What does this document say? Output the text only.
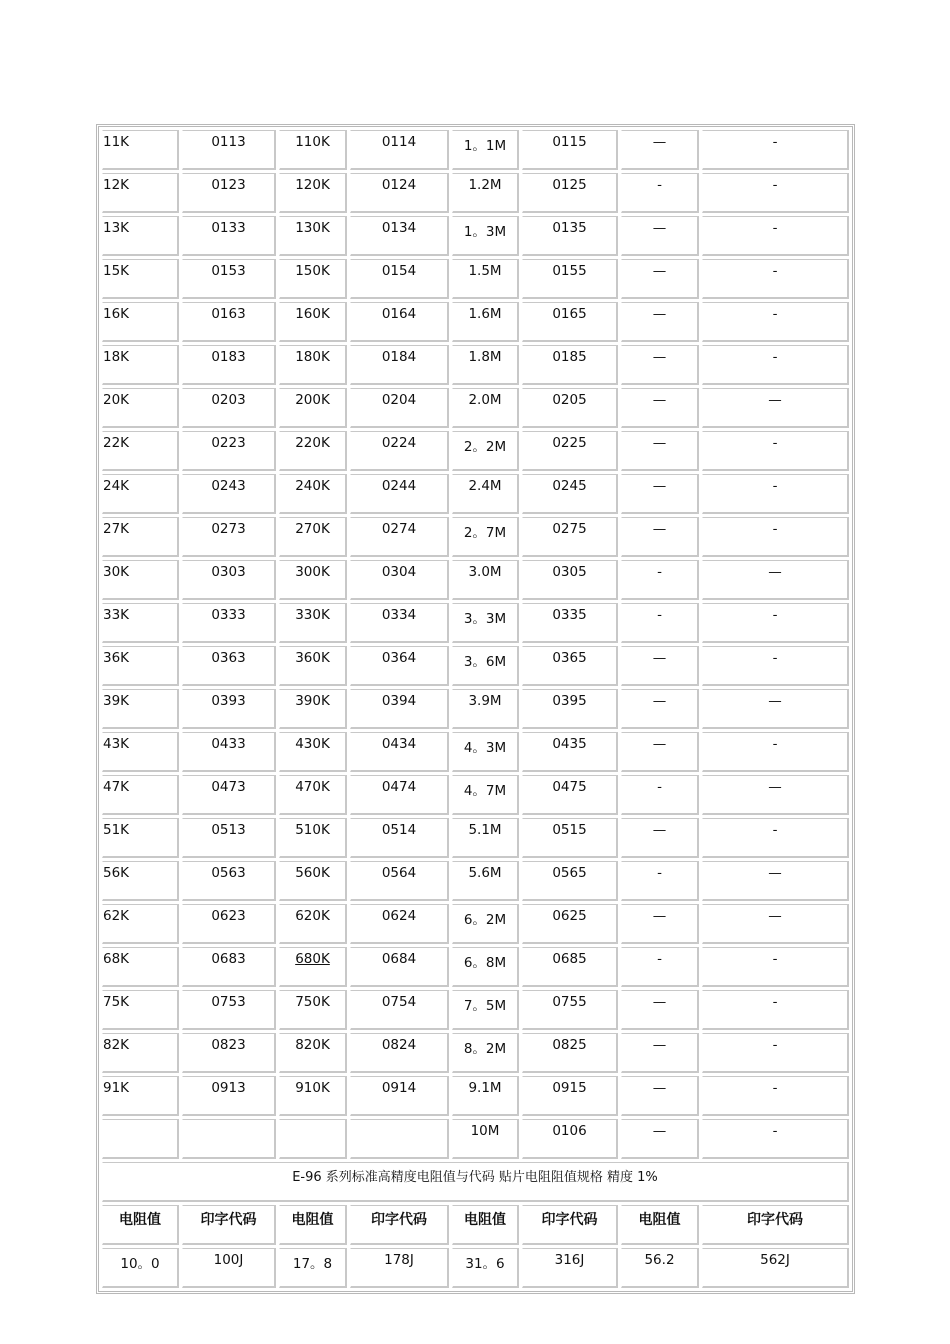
11K	0113	110K	0114	1。1M	0115	—	-
12K	0123	120K	0124	1.2M	0125	-	-
13K	0133	130K	0134	1。3M	0135	—	-
15K	0153	150K	0154	1.5M	0155	—	-
16K	0163	160K	0164	1.6M	0165	—	-
18K	0183	180K	0184	1.8M	0185	—	-
20K	0203	200K	0204	2.0M	0205	—	—
22K	0223	220K	0224	2。2M	0225	—	-
24K	0243	240K	0244	2.4M	0245	—	-
27K	0273	270K	0274	2。7M	0275	—	-
30K	0303	300K	0304	3.0M	0305	-	—
33K	0333	330K	0334	3。3M	0335	-	-
36K	0363	360K	0364	3。6M	0365	—	-
39K	0393	390K	0394	3.9M	0395	—	—
43K	0433	430K	0434	4。3M	0435	—	-
47K	0473	470K	0474	4。7M	0475	-	—
51K	0513	510K	0514	5.1M	0515	—	-
56K	0563	560K	0564	5.6M	0565	-	—
62K	0623	620K	0624	6。2M	0625	—	—
68K	0683	680K	0684	6。8M	0685	-	-
75K	0753	750K	0754	7。5M	0755	—	-
82K	0823	820K	0824	8。2M	0825	—	-
91K	0913	910K	0914	9.1M	0915	—	-
				10M	0106	—	-
E-96 系列标准高精度电阻值与代码 贴片电阻阻值规格 精度 1%							
电阻值	印字代码	电阻值	印字代码	电阻值	印字代码	电阻值	印字代码
10。0	100J	17。8	178J	31。6	316J	56.2	562J
